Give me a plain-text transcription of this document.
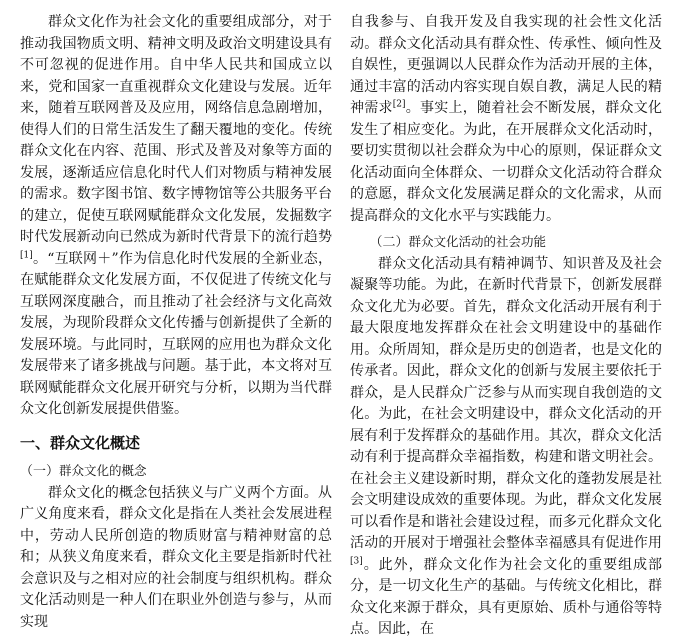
群众文化作为社会文化的重要组成部分，对于推动我国物质文明、精神文明及政治文明建设具有不可忽视的促进作用。自中华人民共和国成立以来，党和国家一直重视群众文化建设与发展。近年来，随着互联网普及及应用，网络信息急剧增加，使得人们的日常生活发生了翻天覆地的变化。传统群众文化在内容、范围、形式及普及对象等方面的发展，逐渐适应信息化时代人们对物质与精神发展的需求。数字图书馆、数字博物馆等公共服务平台的建立，促使互联网赋能群众文化发展，发掘数字时代发展新动向已然成为新时代背景下的流行趋势[1]。“互联网＋”作为信息化时代发展的全新业态，在赋能群众文化发展方面，不仅促进了传统文化与互联网深度融合，而且推动了社会经济与文化高效发展，为现阶段群众文化传播与创新提供了全新的发展环境。与此同时，互联网的应用也为群众文化发展带来了诸多挑战与问题。基于此，本文将对互联网赋能群众文化展开研究与分析，以期为当代群众文化创新发展提供借鉴。

一、群众文化概述

（一）群众文化的概念

群众文化的概念包括狭义与广义两个方面。从广义角度来看，群众文化是指在人类社会发展进程中，劳动人民所创造的物质财富与精神财富的总和；从狭义角度来看，群众文化主要是指新时代社会意识及与之相对应的社会制度与组织机构。群众文化活动则是一种人们在职业外创造与参与，从而实现

自我参与、自我开发及自我实现的社会性文化活动。群众文化活动具有群众性、传承性、倾向性及自娱性，更强调以人民群众作为活动开展的主体，通过丰富的活动内容实现自娱自教，满足人民的精神需求[2]。事实上，随着社会不断发展，群众文化发生了相应变化。为此，在开展群众文化活动时，要切实贯彻以社会群众为中心的原则，保证群众文化活动面向全体群众、一切群众文化活动符合群众的意愿，群众文化发展满足群众的文化需求，从而提高群众的文化水平与实践能力。

（二）群众文化活动的社会功能

群众文化活动具有精神调节、知识普及及社会凝聚等功能。为此，在新时代背景下，创新发展群众文化尤为必要。首先，群众文化活动开展有利于最大限度地发挥群众在社会文明建设中的基础作用。众所周知，群众是历史的创造者，也是文化的传承者。因此，群众文化的创新与发展主要依托于群众，是人民群众广泛参与从而实现自我创造的文化。为此，在社会文明建设中，群众文化活动的开展有利于发挥群众的基础作用。其次，群众文化活动有利于提高群众幸福指数，构建和谐文明社会。在社会主义建设新时期，群众文化的蓬勃发展是社会文明建设成效的重要体现。为此，群众文化发展可以看作是和谐社会建设过程，而多元化群众文化活动的开展对于增强社会整体幸福感具有促进作用[3]。此外，群众文化作为社会文化的重要组成部分，是一切文化生产的基础。与传统文化相比，群众文化来源于群众，具有更原始、质朴与通俗等特点。因此，在
